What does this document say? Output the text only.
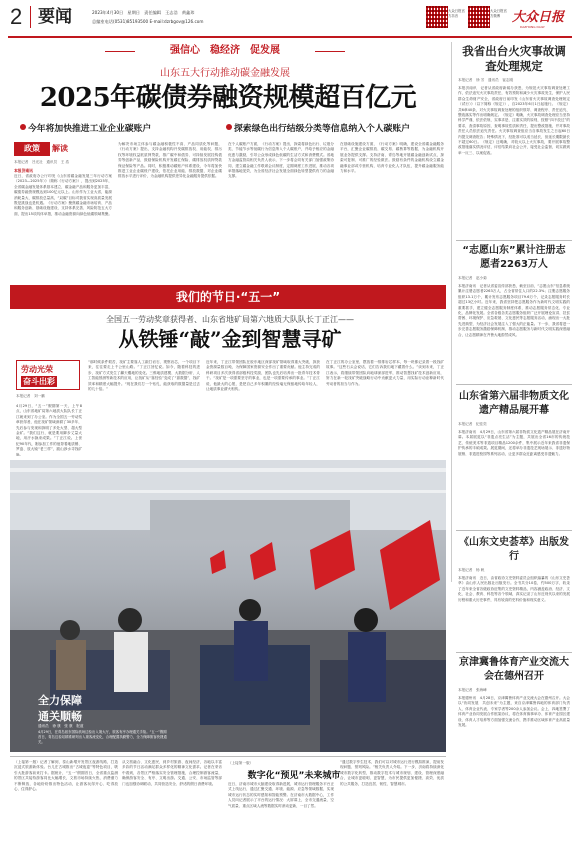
2 要闻	2023年4月30日　星期日　责任编辑　王志浩　黄鑫玮
总编室电话(0531)85193500 E-mail:dzrbgov@126.com
大众日报官方抖音
大众日报官方微博 大众日报
DAZHONG DAILY
强信心　稳经济　促发展
山东五大行动推动碳金融发展
2025年碳债券融资规模超百亿元
今年将加快推进工业企业碳账户	探索绿色出行结级分类等信息纳入个人碳账户
政策	解读
本报记者　吕光社　通讯员　王 浩
本报济南讯
近日，省政府办公厅印发《山东省碳金融发展三年行动方案（2023—2025年）》（简称《行动方案》），提出到2025年，全省碳金融发展体系基本建立，碳金融产品和服务更加丰富，碳债券融资规模达到100亿元以上。山东作为工业大省，能源消耗量大、碳排放总量高，“双碳”目标对我省实现高质量发展既是挑战也是机遇。《行动方案》聚焦碳金融市场培育、产品和服务创新、基础设施建设、支持体系完善、风险防范五大方面，提出15项具体举措，推动金融资源向绿色低碳领域集聚。
为解决市场主体参与碳金融积极性不高、产品同质化等问题，《行动方案》提出，支持金融机构开发碳排放权、用能权、排污权等环境权益抵质押贷款，推广碳中和债券、可持续发展挂钩债券等创新产品，鼓励保险机构开发碳汇保险、碳排放权质押贷款保证保险等产品。同时，积极推动碳账户体系建设，今年将加快推进工业企业碳账户建设，依托企业用能、排放数据，对企业碳排放水平进行评价，为金融机构提供差异化金融服务提供依据。
在个人碳账户方面，《行动方案》提出，探索将绿色出行、垃圾分类、节能节水等低碳行为信息纳入个人碳账户，并给予相应的金融优惠与激励，引导公众形成绿色低碳的生活方式和消费模式。省地方金融监管局相关负责人表示，下一步将会同有关部门加强政策协同，建立碳金融工作联席会议制度，定期调度工作进展，推动各项举措落地见效，为全省经济社会发展全面绿色转型提供有力的金融支撑。
在基础设施建设方面，《行动方案》明确，建设全省碳金融服务平台，汇聚企业碳排放、碳交易、碳核算等数据，为金融机构开展业务提供支撑。支持济南、青岛等地开展碳金融创新试点，探索可复制、可推广的经验做法。鼓励有条件的金融机构设立碳金融事业部或专营机构，培育专业化人才队伍，提升碳金融服务能力和水平。
我省出台火灾事故调查处理规定
本报记者　徐 芳　通讯员　崔志刚
本报济南讯　记者从省政府新闻办获悉，为规范火灾事故调查处理工作，依法追究火灾事故责任，有效预防和减少火灾事故发生，保护人民群众生命财产安全，省政府日前印发《山东省火灾事故调查处理规定（试行）》（以下简称《规定》），自2023年6月1日起施行。《规定》共6章40条，对火灾事故调查处理的组织领导、调查程序、责任追究、整改落实等作出明确规定。《规定》明确，火灾事故调查处理应当坚持科学严谨、依法依规、实事求是、注重实效的原则，按照“四不放过”的要求，查清事故原因，查明事故性质和责任，提出整改措施，并对事故责任人员依法追究责任。火灾事故调查组应当自事故发生之日起60日内提交调查报告；特殊情况下，经批准可以适当延长，但延长期限最长不超过60日。《规定》还明确，对较大以上火灾事故，要开展事故整改措施落实情况评估，评估结果向社会公开，接受社会监督，切实做到举一反三、以案促改。
“志愿山东”累计注册志愿者2263万人
本报记者　赵小菊
本报济南讯　记者从省委宣传部获悉，截至目前，“志愿山东”信息系统累计注册志愿者2263万人，占全省常住人口的22.3%；注册志愿服务组织13.1万个，累计发布志愿服务项目79.6万个，记录志愿服务时长超过13亿小时。近年来，我省坚持把志愿服务作为新时代文明实践的重要抓手，建立健全志愿服务制度体系，推动志愿服务常态化、专业化、品牌化发展。全省各级各类志愿服务组织广泛开展理论宣讲、扶贫帮困、环境保护、应急救援、文化惠民等志愿服务活动，涌现出一大批先进典型，为经济社会发展注入了强大的正能量。下一步，我省将进一步完善志愿服务激励保障机制，推动志愿服务与新时代文明实践深度融合，让志愿精神在齐鲁大地蔚然成风。
山东省第六届非物质文化遗产精品展开幕
本报记者　纪佳奕
本报济南讯　4月29日，山东省第六届非物质文化遗产精品展在济南开幕。本届展览以“非遗点亮生活”为主题，共展出全省16市的传统技艺、传统美术等非遗项目精品1200余件，集中展示近年来我省非遗保护传承的丰硕成果。展览期间，还将举办非遗技艺现场展示、非遗好物展销、非遗进校园等系列活动，让更多群众近距离感受非遗魅力。
《山东文史荟萃》出版发行
本报记者　杨 帆
本报济南讯　近日，由省政协文史资料委员会组织编纂的《山东文史荟萃》由山东人民出版社出版发行。全书共分10卷，约500万字，收录了近年来全省各级政协征集的文史资料精品，内容涵盖政治、经济、文化、社会、教育、科技等各个领域，真实记录了山东近现代以来的发展历程和重大历史事件，具有较高的史料价值和现实意义。
京津冀鲁体育产业交流大会在德州召开
本报记者　张海峰
本报德州讯　4月28日，京津冀鲁体育产业交流大会在德州召开。大会以“协同发展　共创未来”为主题，来自京津冀鲁四地的体育部门负责人、体育企业代表、专家学者等200余人参加会议。会上，四地签署了体育产业协同发展合作框架协议，将在体育赛事举办、体育产业园区建设、体育人才培养等方面加强交流合作，携手推动区域体育产业高质量发展。
我们的节日·“五一”
全国五一劳动奖章获得者、山东省地矿局第六地质大队队长丁正江——
从铁锤“敲”金到智慧寻矿
劳动光荣
奋斗出彩
本报记者　刘一鹏
4月29日，“五一”假期第一天，上午8点，山东省地矿局第六地质大队队长丁正江就来到了办公室。作为全国五一劳动奖章获得者，他在找矿领域深耕了30多年，先后参与发现和探明了多处大型、超大型金矿。“我们这行，就是要用脚步丈量大地，用汗水换来成果。”丁正江说。上世纪90年代，刚参加工作的他背着地质锤、罗盘、放大镜“老三样”，跋山涉水寻找矿脉。
“那时候条件艰苦，找矿主要靠人工敲打岩石、观察岩芯，一个项目下来，往往要走上千公里山路。”丁正江回忆说。如今，随着科技的进步，找矿方式发生了翻天覆地的变化。三维地质建模、大数据分析、人工智能预测等新技术的应用，让找矿从“靠经验”变成了“靠数据”，找矿效率和精度大幅提升。“现在我们打一个钻孔，能获取的数据量是过去的几十倍。”
近年来，丁正江带领团队在胶东地区深部找矿领域取得重大突破，探获金资源量数百吨，为保障国家资源安全作出了重要贡献。他主持完成的科研项目多次获得省部级科技奖励，团队也先后培养出一批青年技术骨干。“找矿是一项需要坚守的事业，也是一项需要传承的事业。”丁正江说，他最大的心愿，是把自己多年积累的经验毫无保留地传给年轻人，让地质事业薪火相传。
在丁正江的办公室里，摆放着一排排岩芯样本，每一块都记录着一段找矿故事。“这些石头会说话，它们告诉我们地下藏着什么。”谈到未来，丁正江表示，将继续带领团队向地球深部进军，推动智慧找矿技术创新应用，努力在新一轮找矿突破战略行动中贡献更大力量，用实际行动诠释新时代劳动者的担当与作为。
全力保障
通关顺畅
通讯员　徐 康　张 康　报道
4月29日，在青岛胶东国际机场边检出入境大厅，旅客有序办理通关手续。“五一”假期首日，青岛边检站精准研判出入境客流变化，合理配置执勤警力，全力保障旅客快捷通关。
（上接第一版）记者了解到，泰山新增开发景区夜游线路，打造沉浸式旅游新体验。台儿庄古城推出“古城夜宴”等特色项目，吸引大批游客前来打卡。据统计，“五一”假期首日，全省重点监测的景区共接待游客同比大幅增长，文旅市场持续火热，消费潜力不断释放，各地纷纷推出特色活动，让游客玩得开心、吃得放心、住得舒心。
从文旅融合、文化惠民，到乡村旅游、夜间经济，各地以丰富多彩的节日活动满足群众多样化的精神文化需求。记者在采访中看到，各景区严格落实安全管理措施，合理控制游客流量，确保游客安全、有序、文明出游。交通、公安、市场监管等部门也加强协调联动，共同营造安全、舒适的假日消费环境。
（上接第一版）
数字化“预见”未来城市
近日，济南市城市大脑建设取得新进展，城市运行管理服务平台正式上线运行，通过汇聚交通、环境、能源、应急等领域数据，实现城市运行状态的实时感知和智能预警。在济南市大数据中心，工作人员向记者展示了平台的运行情况：大屏幕上，全市交通流量、空气质量、重点区域人流等数据实时滚动更新，一目了然。
“通过数字孪生技术，我们可以对城市运行进行模拟推演，提前发现问题、预判风险。”相关负责人介绍。下一步，济南将持续深化城市数字化转型，推动数字技术与城市规划、建设、管理深度融合，让城市更聪明、更智慧，为市民提供更加便捷、高效、优质的公共服务，打造宜居、韧性、智慧城市。
